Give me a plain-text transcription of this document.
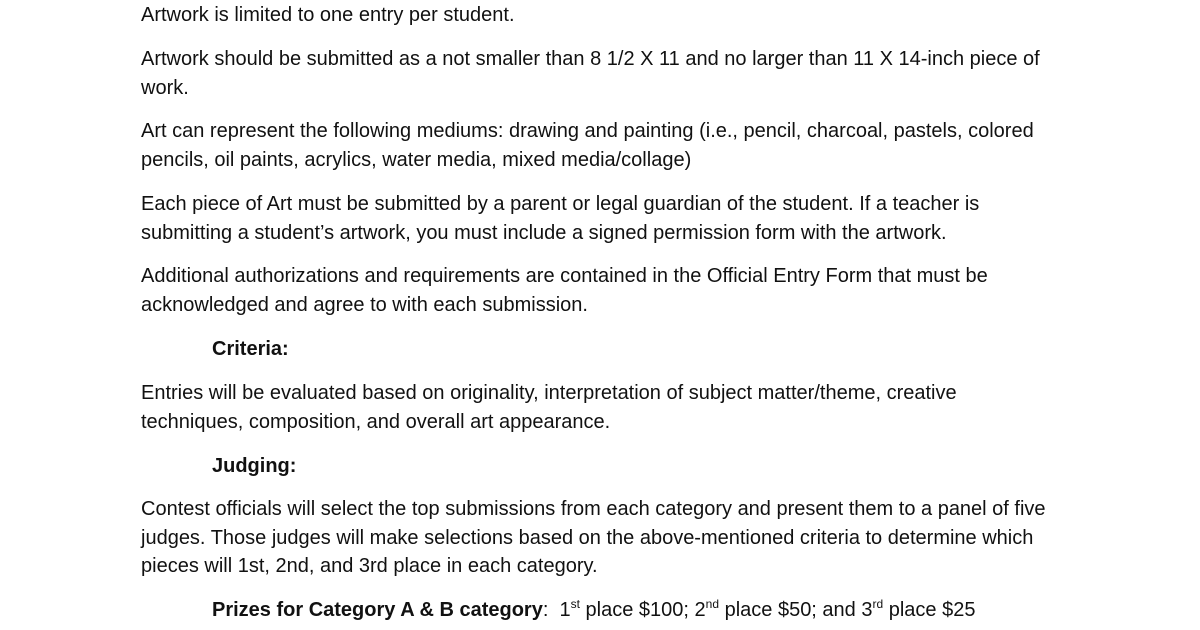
Artwork is limited to one entry per student.

Artwork should be submitted as a not smaller than 8 1/2 X 11 and no larger than 11 X 14-inch piece of work.

Art can represent the following mediums: drawing and painting (i.e., pencil, charcoal, pastels, colored pencils, oil paints, acrylics, water media, mixed media/collage)

Each piece of Art must be submitted by a parent or legal guardian of the student. If a teacher is submitting a student’s artwork, you must include a signed permission form with the artwork.

Additional authorizations and requirements are contained in the Official Entry Form that must be acknowledged and agree to with each submission.

Criteria:

Entries will be evaluated based on originality, interpretation of subject matter/theme, creative techniques, composition, and overall art appearance.

Judging:

Contest officials will select the top submissions from each category and present them to a panel of five judges. Those judges will make selections based on the above-mentioned criteria to determine which pieces will 1st, 2nd, and 3rd place in each category.

Prizes for Category A & B category: 1st place $100; 2nd place $50; and 3rd place $25
